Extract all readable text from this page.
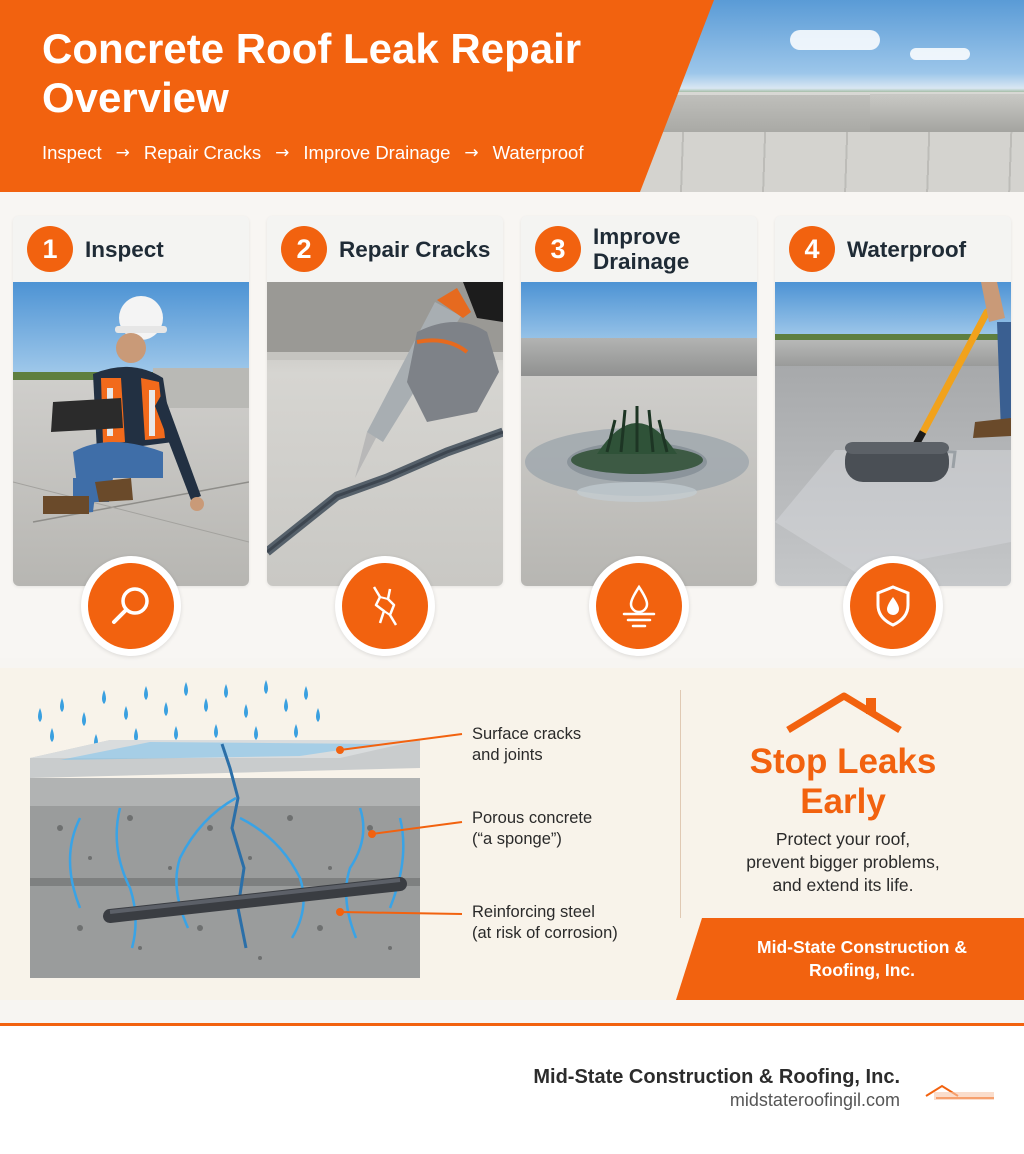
Concrete Roof Leak Repair Overview
Inspect → Repair Cracks → Improve Drainage → Waterproof
1	Inspect	2	Repair Cracks	3	Improve Drainage	4	Waterproof
Surface cracks
and joints
Porous concrete
(“a sponge”)
Reinforcing steel
(at risk of corrosion)
Stop Leaks
Early
Protect your roof,
prevent bigger problems,
and extend its life.
Mid-State Construction &
Roofing, Inc.
Mid-State Construction & Roofing, Inc.
midstateroofingil.com
